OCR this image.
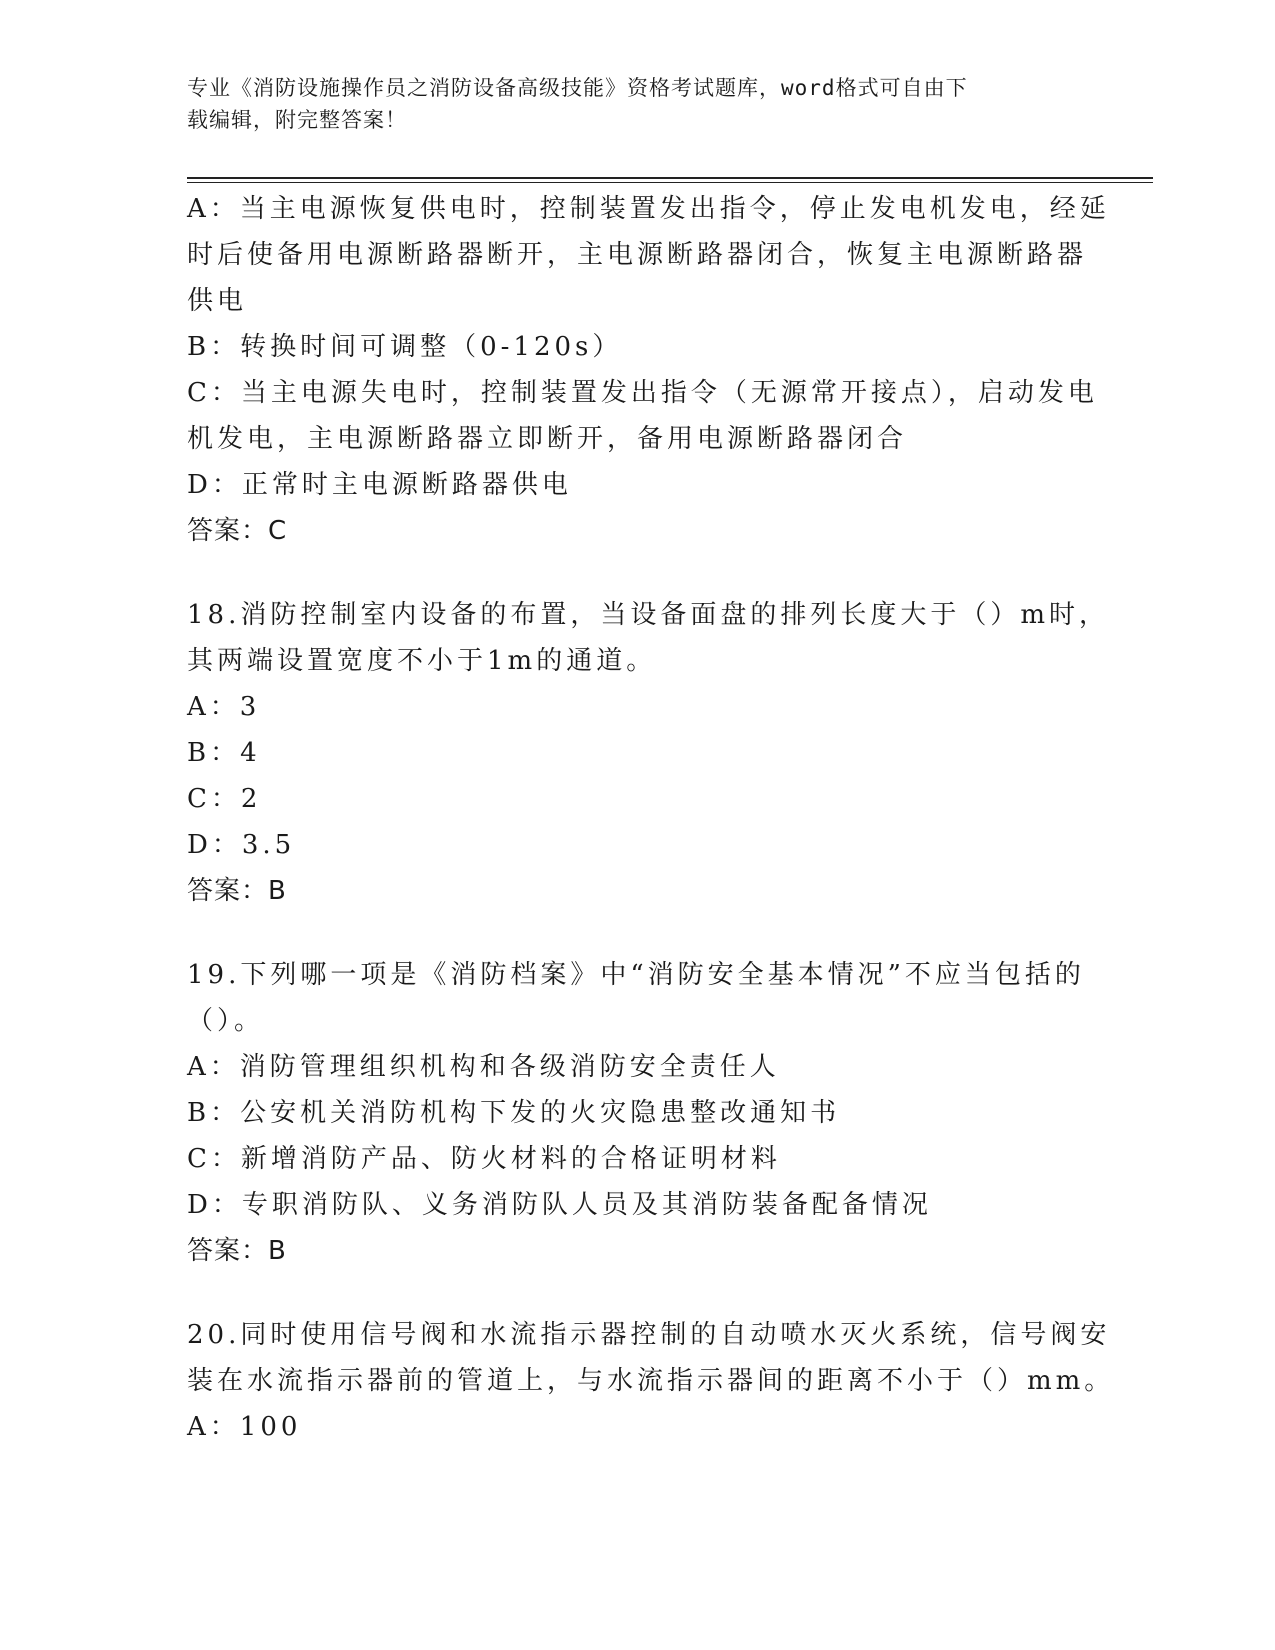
专业《消防设施操作员之消防设备高级技能》资格考试题库，word格式可自由下
载编辑，附完整答案！
A：当主电源恢复供电时，控制装置发出指令，停止发电机发电，经延
时后使备用电源断路器断开，主电源断路器闭合，恢复主电源断路器
供电
B：转换时间可调整（0-120s）
C：当主电源失电时，控制装置发出指令（无源常开接点），启动发电
机发电，主电源断路器立即断开，备用电源断路器闭合
D：正常时主电源断路器供电
答案：C
18.消防控制室内设备的布置，当设备面盘的排列长度大于（）m时，
其两端设置宽度不小于1m的通道。
A：3
B：4
C：2
D：3.5
答案：B
19.下列哪一项是《消防档案》中“消防安全基本情况”不应当包括的
（）。
A：消防管理组织机构和各级消防安全责任人
B：公安机关消防机构下发的火灾隐患整改通知书
C：新增消防产品、防火材料的合格证明材料
D：专职消防队、义务消防队人员及其消防装备配备情况
答案：B
20.同时使用信号阀和水流指示器控制的自动喷水灭火系统，信号阀安
装在水流指示器前的管道上，与水流指示器间的距离不小于（）mm。
A：100
